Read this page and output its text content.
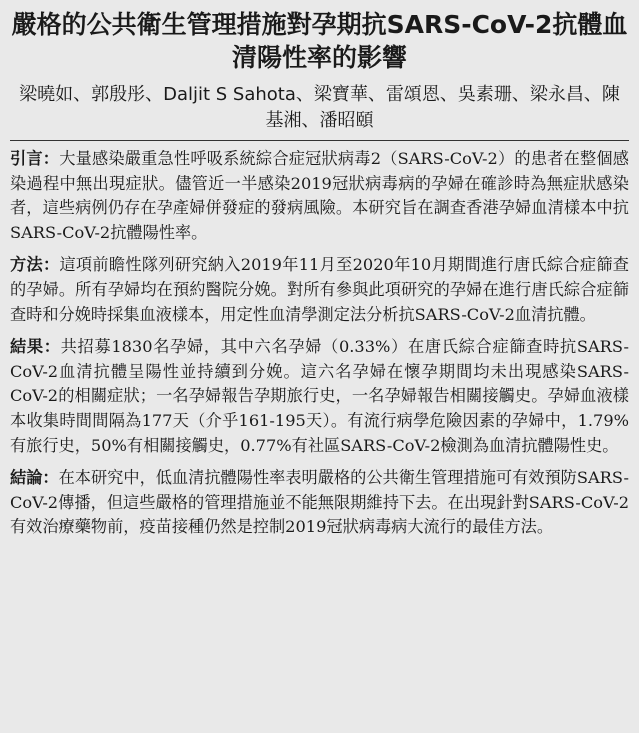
嚴格的公共衛生管理措施對孕期抗SARS-CoV-2抗體血清陽性率的影響
梁曉如、郭殷彤、Daljit S Sahota、梁寶華、雷頌恩、吳素珊、梁永昌、陳基湘、潘昭頤

引言：大量感染嚴重急性呼吸系統綜合症冠狀病毒2（SARS-CoV-2）的患者在整個感染過程中無出現症狀。儘管近一半感染2019冠狀病毒病的孕婦在確診時為無症狀感染者，這些病例仍存在孕產婦併發症的發病風險。本研究旨在調查香港孕婦血清樣本中抗SARS-CoV-2抗體陽性率。

方法：這項前瞻性隊列研究納入2019年11月至2020年10月期間進行唐氏綜合症篩查的孕婦。所有孕婦均在預約醫院分娩。對所有參與此項研究的孕婦在進行唐氏綜合症篩查時和分娩時採集血液樣本，用定性血清學測定法分析抗SARS-CoV-2血清抗體。

結果：共招募1830名孕婦，其中六名孕婦（0.33%）在唐氏綜合症篩查時抗SARS-CoV-2血清抗體呈陽性並持續到分娩。這六名孕婦在懷孕期間均未出現感染SARS-CoV-2的相關症狀；一名孕婦報告孕期旅行史，一名孕婦報告相關接觸史。孕婦血液樣本收集時間間隔為177天（介乎161-195天）。有流行病學危險因素的孕婦中，1.79%有旅行史，50%有相關接觸史，0.77%有社區SARS-CoV-2檢測為血清抗體陽性史。

結論：在本研究中，低血清抗體陽性率表明嚴格的公共衛生管理措施可有效預防SARS-CoV-2傳播，但這些嚴格的管理措施並不能無限期維持下去。在出現針對SARS-CoV-2有效治療藥物前，疫苗接種仍然是控制2019冠狀病毒病大流行的最佳方法。
